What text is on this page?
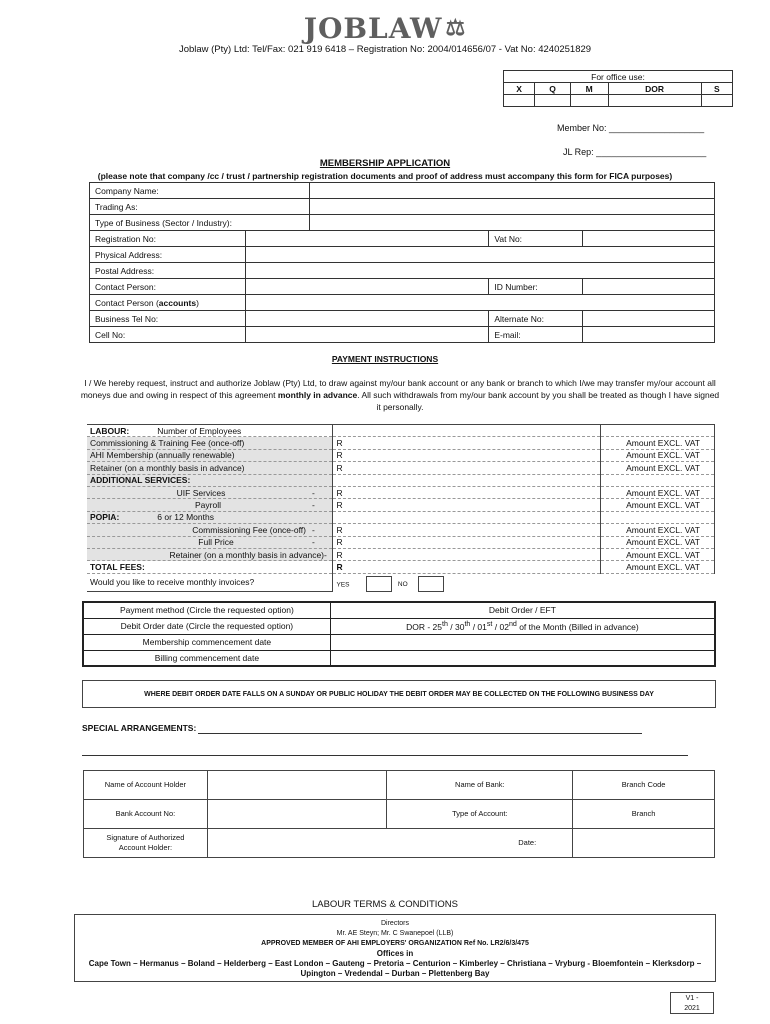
JOBLAW ⚖
Joblaw (Pty) Ltd: Tel/Fax: 021 919 6418 – Registration No: 2004/014656/07 - Vat No: 4240251829
For office use:				
X	Q	M	DOR	S

Member No: ___________________
JL Rep: ______________________
MEMBERSHIP APPLICATION
(please note that company /cc / trust / partnership registration documents and proof of address must accompany this form for FICA purposes)
Company Name:				
Trading As:				
Type of Business (Sector / Industry):				
Registration No:			Vat No:	
Physical Address:				
Postal Address:				
Contact Person:			ID Number:	
Contact Person (accounts)				
Business Tel No:			Alternate No:	
Cell No:			E-mail:	
PAYMENT INSTRUCTIONS
I / We hereby request, instruct and authorize Joblaw (Pty) Ltd, to draw against my/our bank account or any bank or branch to which I/we may transfer my/our account all moneys due and owing in respect of this agreement monthly in advance. All such withdrawals from my/our bank account by you shall be treated as though I have signed it personally.
LABOUR: Number of Employees		
Commissioning & Training Fee (once-off)	R	Amount EXCL. VAT
AHI Membership (annually renewable)	R	Amount EXCL. VAT
Retainer (on a monthly basis in advance)	R	Amount EXCL. VAT
ADDITIONAL SERVICES:		
UIF Services -	R	Amount EXCL. VAT
Payroll -	R	Amount EXCL. VAT
POPIA: 6 or 12 Months		
Commissioning Fee (once-off) -	R	Amount EXCL. VAT
Full Price -	R	Amount EXCL. VAT
Retainer (on a monthly basis in advance)-	R	Amount EXCL. VAT
TOTAL FEES:	R	Amount EXCL. VAT
Would you like to receive monthly invoices?	YES NO	
Payment method (Circle the requested option)	Debit Order / EFT
Debit Order date (Circle the requested option)	DOR - 25th / 30th / 01st / 02nd of the Month (Billed in advance)
Membership commencement date	
Billing commencement date	
WHERE DEBIT ORDER DATE FALLS ON A SUNDAY OR PUBLIC HOLIDAY THE DEBIT ORDER MAY BE COLLECTED ON THE FOLLOWING BUSINESS DAY
SPECIAL ARRANGEMENTS:
Name of Account Holder		Name of Bank:	Branch Code
Bank Account No:		Type of Account:	Branch
Signature of Authorized
Account Holder:	Date:		
LABOUR TERMS & CONDITIONS
Directors
Mr. AE Steyn; Mr. C Swanepoel (LLB)
APPROVED MEMBER OF AHI EMPLOYERS' ORGANIZATION Ref No. LR2/6/3/475
Offices in
Cape Town – Hermanus – Boland – Helderberg – East London – Gauteng – Pretoria – Centurion – Kimberley – Christiana – Vryburg - Bloemfontein – Klerksdorp – Upington – Vredendal – Durban – Plettenberg Bay
V1 -
2021
